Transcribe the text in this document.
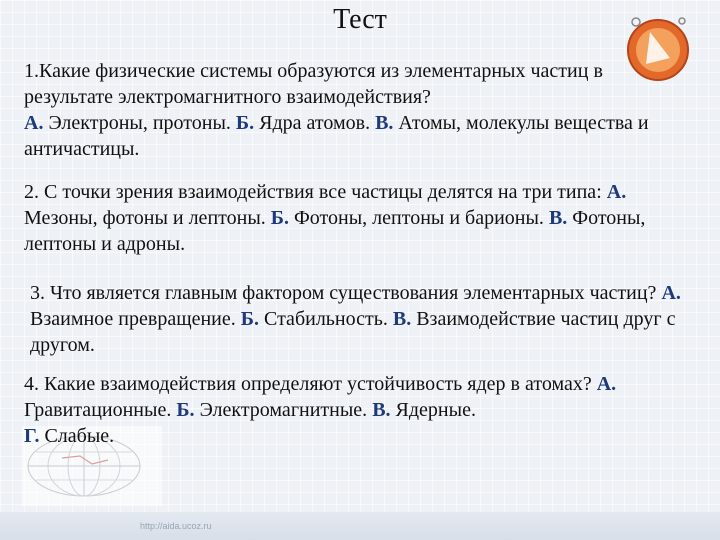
Тест
1.Какие физические системы образуются из элементарных частиц в результате электромагнитного взаимодействия?
А. Электроны, протоны. Б. Ядра атомов. В. Атомы, молекулы вещества и античастицы.
2. С точки зрения взаимодействия все частицы делятся на три типа: А. Мезоны, фотоны и лептоны. Б. Фотоны, лептоны и барионы. В. Фотоны, лептоны и адроны.
3. Что является главным фактором существования элементарных частиц? А. Взаимное превращение. Б. Стабильность. В. Взаимодействие частиц друг с другом.
4. Какие взаимодействия определяют устойчивость ядер в атомах? А. Гравитационные. Б. Электромагнитные. В. Ядерные.
Г. Слабые.
http://aida.ucoz.ru
